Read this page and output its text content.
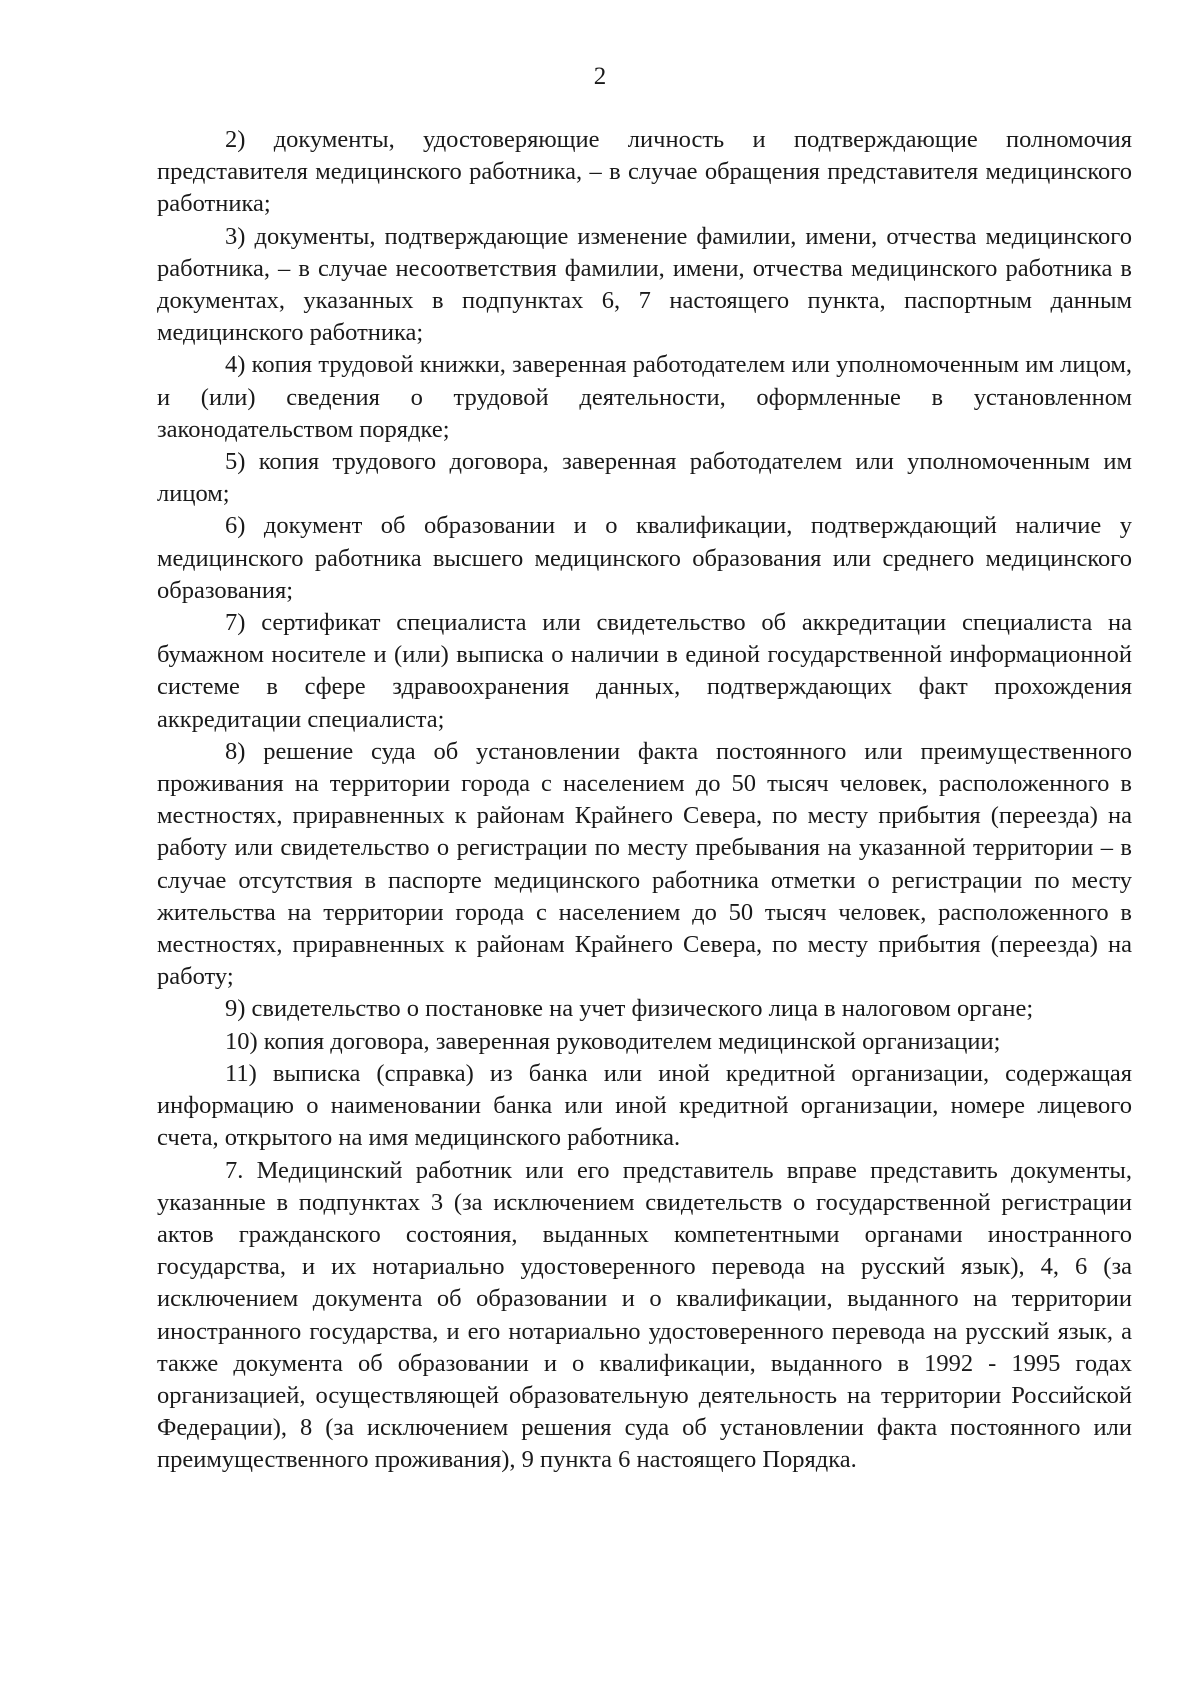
2

2) документы, удостоверяющие личность и подтверждающие полномочия представителя медицинского работника, – в случае обращения представителя медицинского работника;

3) документы, подтверждающие изменение фамилии, имени, отчества медицинского работника, – в случае несоответствия фамилии, имени, отчества медицинского работника в документах, указанных в подпунктах 6, 7 настоящего пункта, паспортным данным медицинского работника;

4) копия трудовой книжки, заверенная работодателем или уполномоченным им лицом, и (или) сведения о трудовой деятельности, оформленные в установленном законодательством порядке;

5) копия трудового договора, заверенная работодателем или уполномоченным им лицом;

6) документ об образовании и о квалификации, подтверждающий наличие у медицинского работника высшего медицинского образования или среднего медицинского образования;

7) сертификат специалиста или свидетельство об аккредитации специалиста на бумажном носителе и (или) выписка о наличии в единой государственной информационной системе в сфере здравоохранения данных, подтверждающих факт прохождения аккредитации специалиста;

8) решение суда об установлении факта постоянного или преимущественного проживания на территории города с населением до 50 тысяч человек, расположенного в местностях, приравненных к районам Крайнего Севера, по месту прибытия (переезда) на работу или свидетельство о регистрации по месту пребывания на указанной территории – в случае отсутствия в паспорте медицинского работника отметки о регистрации по месту жительства на территории города с населением до 50 тысяч человек, расположенного в местностях, приравненных к районам Крайнего Севера, по месту прибытия (переезда) на работу;

9) свидетельство о постановке на учет физического лица в налоговом органе;

10) копия договора, заверенная руководителем медицинской организации;

11) выписка (справка) из банка или иной кредитной организации, содержащая информацию о наименовании банка или иной кредитной организации, номере лицевого счета, открытого на имя медицинского работника.

7. Медицинский работник или его представитель вправе представить документы, указанные в подпунктах 3 (за исключением свидетельств о государственной регистрации актов гражданского состояния, выданных компетентными органами иностранного государства, и их нотариально удостоверенного перевода на русский язык), 4, 6 (за исключением документа об образовании и о квалификации, выданного на территории иностранного государства, и его нотариально удостоверенного перевода на русский язык, а также документа об образовании и о квалификации, выданного в 1992 - 1995 годах организацией, осуществляющей образовательную деятельность на территории Российской Федерации), 8 (за исключением решения суда об установлении факта постоянного или преимущественного проживания), 9 пункта 6 настоящего Порядка.
